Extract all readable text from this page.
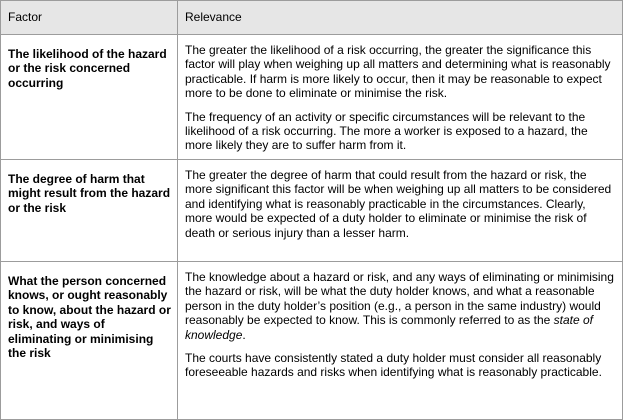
Factor	Relevance
The likelihood of the hazard or the risk concerned occurring	The greater the likelihood of a risk occurring, the greater the significance this factor will play when weighing up all matters and determining what is reasonably practicable. If harm is more likely to occur, then it may be reasonable to expect more to be done to eliminate or minimise the risk.

The frequency of an activity or specific circumstances will be relevant to the likelihood of a risk occurring. The more a worker is exposed to a hazard, the more likely they are to suffer harm from it.

The degree of harm that might result from the hazard or the risk	The greater the degree of harm that could result from the hazard or risk, the more significant this factor will be when weighing up all matters to be considered and identifying what is reasonably practicable in the circumstances. Clearly, more would be expected of a duty holder to eliminate or minimise the risk of death or serious injury than a lesser harm.

What the person concerned knows, or ought reasonably to know, about the hazard or risk, and ways of eliminating or minimising the risk	The knowledge about a hazard or risk, and any ways of eliminating or minimising the hazard or risk, will be what the duty holder knows, and what a reasonable person in the duty holder’s position (e.g., a person in the same industry) would reasonably be expected to know. This is commonly referred to as the state of knowledge.

The courts have consistently stated a duty holder must consider all reasonably foreseeable hazards and risks when identifying what is reasonably practicable.
